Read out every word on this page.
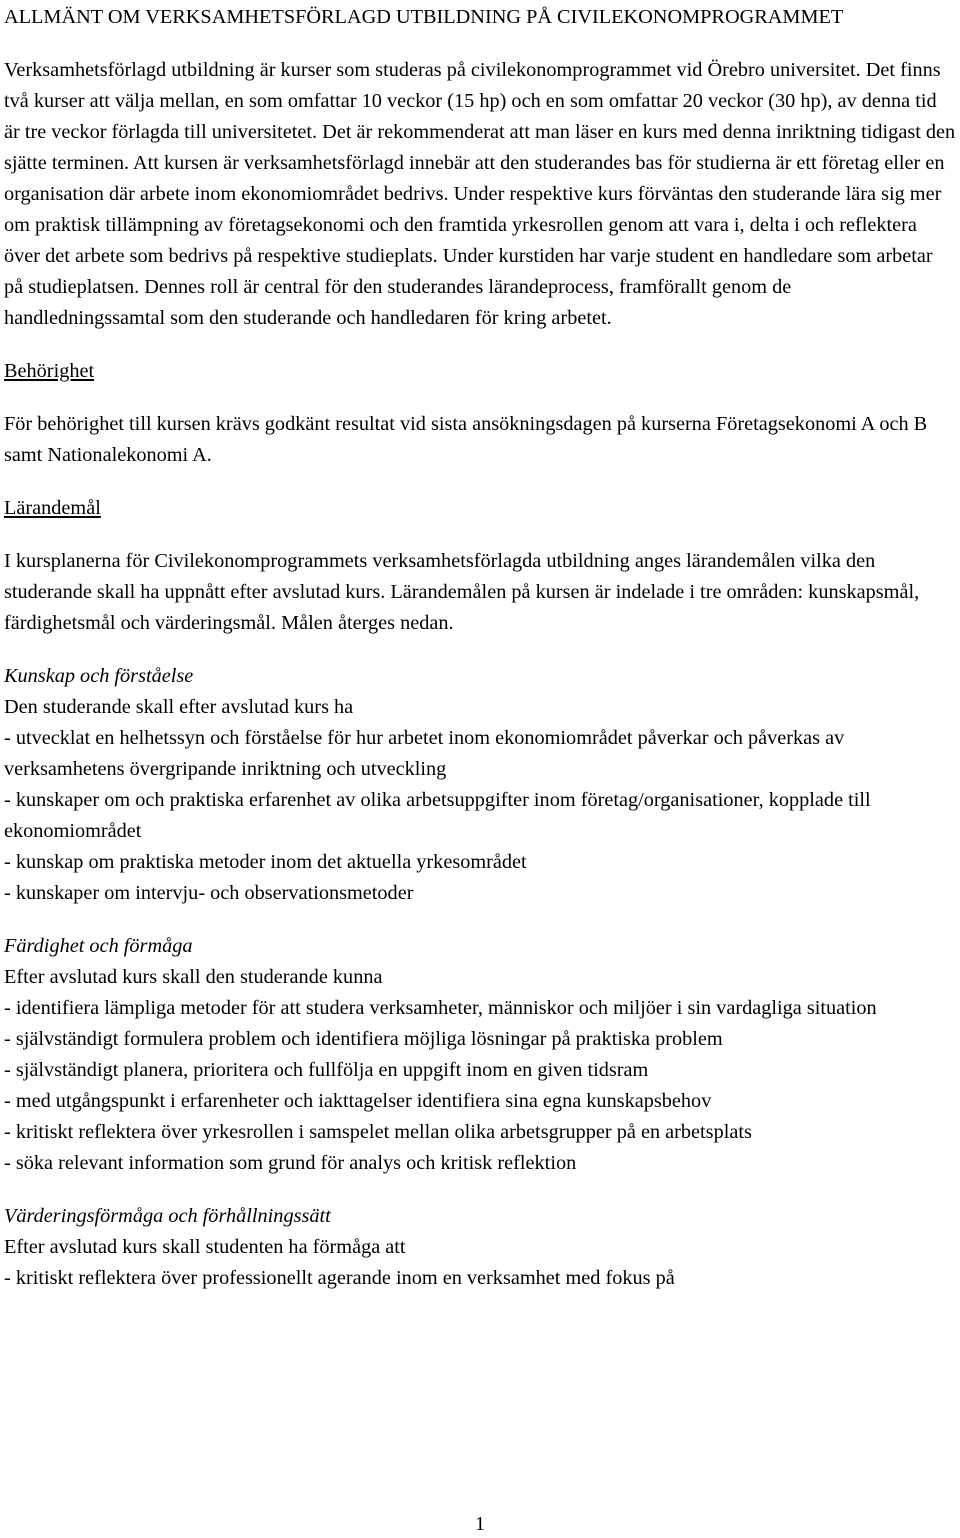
ALLMÄNT OM VERKSAMHETSFÖRLAGD UTBILDNING PÅ CIVILEKONOMPROGRAMMET

Verksamhetsförlagd utbildning är kurser som studeras på civilekonomprogrammet vid Örebro universitet. Det finns två kurser att välja mellan, en som omfattar 10 veckor (15 hp) och en som omfattar 20 veckor (30 hp), av denna tid är tre veckor förlagda till universitetet. Det är rekommenderat att man läser en kurs med denna inriktning tidigast den sjätte terminen. Att kursen är verksamhetsförlagd innebär att den studerandes bas för studierna är ett företag eller en organisation där arbete inom ekonomiområdet bedrivs. Under respektive kurs förväntas den studerande lära sig mer om praktisk tillämpning av företagsekonomi och den framtida yrkesrollen genom att vara i, delta i och reflektera över det arbete som bedrivs på respektive studieplats. Under kurstiden har varje student en handledare som arbetar på studieplatsen. Dennes roll är central för den studerandes lärandeprocess, framförallt genom de handledningssamtal som den studerande och handledaren för kring arbetet.

Behörighet

För behörighet till kursen krävs godkänt resultat vid sista ansökningsdagen på kurserna Företagsekonomi A och B samt Nationalekonomi A.

Lärandemål

I kursplanerna för Civilekonomprogrammets verksamhetsförlagda utbildning anges lärandemålen vilka den studerande skall ha uppnått efter avslutad kurs. Lärandemålen på kursen är indelade i tre områden: kunskapsmål, färdighetsmål och värderingsmål. Målen återges nedan.

Kunskap och förståelse

Den studerande skall efter avslutad kurs ha

- utvecklat en helhetssyn och förståelse för hur arbetet inom ekonomiområdet påverkar och påverkas av verksamhetens övergripande inriktning och utveckling

- kunskaper om och praktiska erfarenhet av olika arbetsuppgifter inom företag/organisationer, kopplade till ekonomiområdet

- kunskap om praktiska metoder inom det aktuella yrkesområdet

- kunskaper om intervju- och observationsmetoder

Färdighet och förmåga

Efter avslutad kurs skall den studerande kunna

- identifiera lämpliga metoder för att studera verksamheter, människor och miljöer i sin vardagliga situation

- självständigt formulera problem och identifiera möjliga lösningar på praktiska problem

- självständigt planera, prioritera och fullfölja en uppgift inom en given tidsram

- med utgångspunkt i erfarenheter och iakttagelser identifiera sina egna kunskapsbehov

- kritiskt reflektera över yrkesrollen i samspelet mellan olika arbetsgrupper på en arbetsplats

- söka relevant information som grund för analys och kritisk reflektion

Värderingsförmåga och förhållningssätt

Efter avslutad kurs skall studenten ha förmåga att

- kritiskt reflektera över professionellt agerande inom en verksamhet med fokus på

1
